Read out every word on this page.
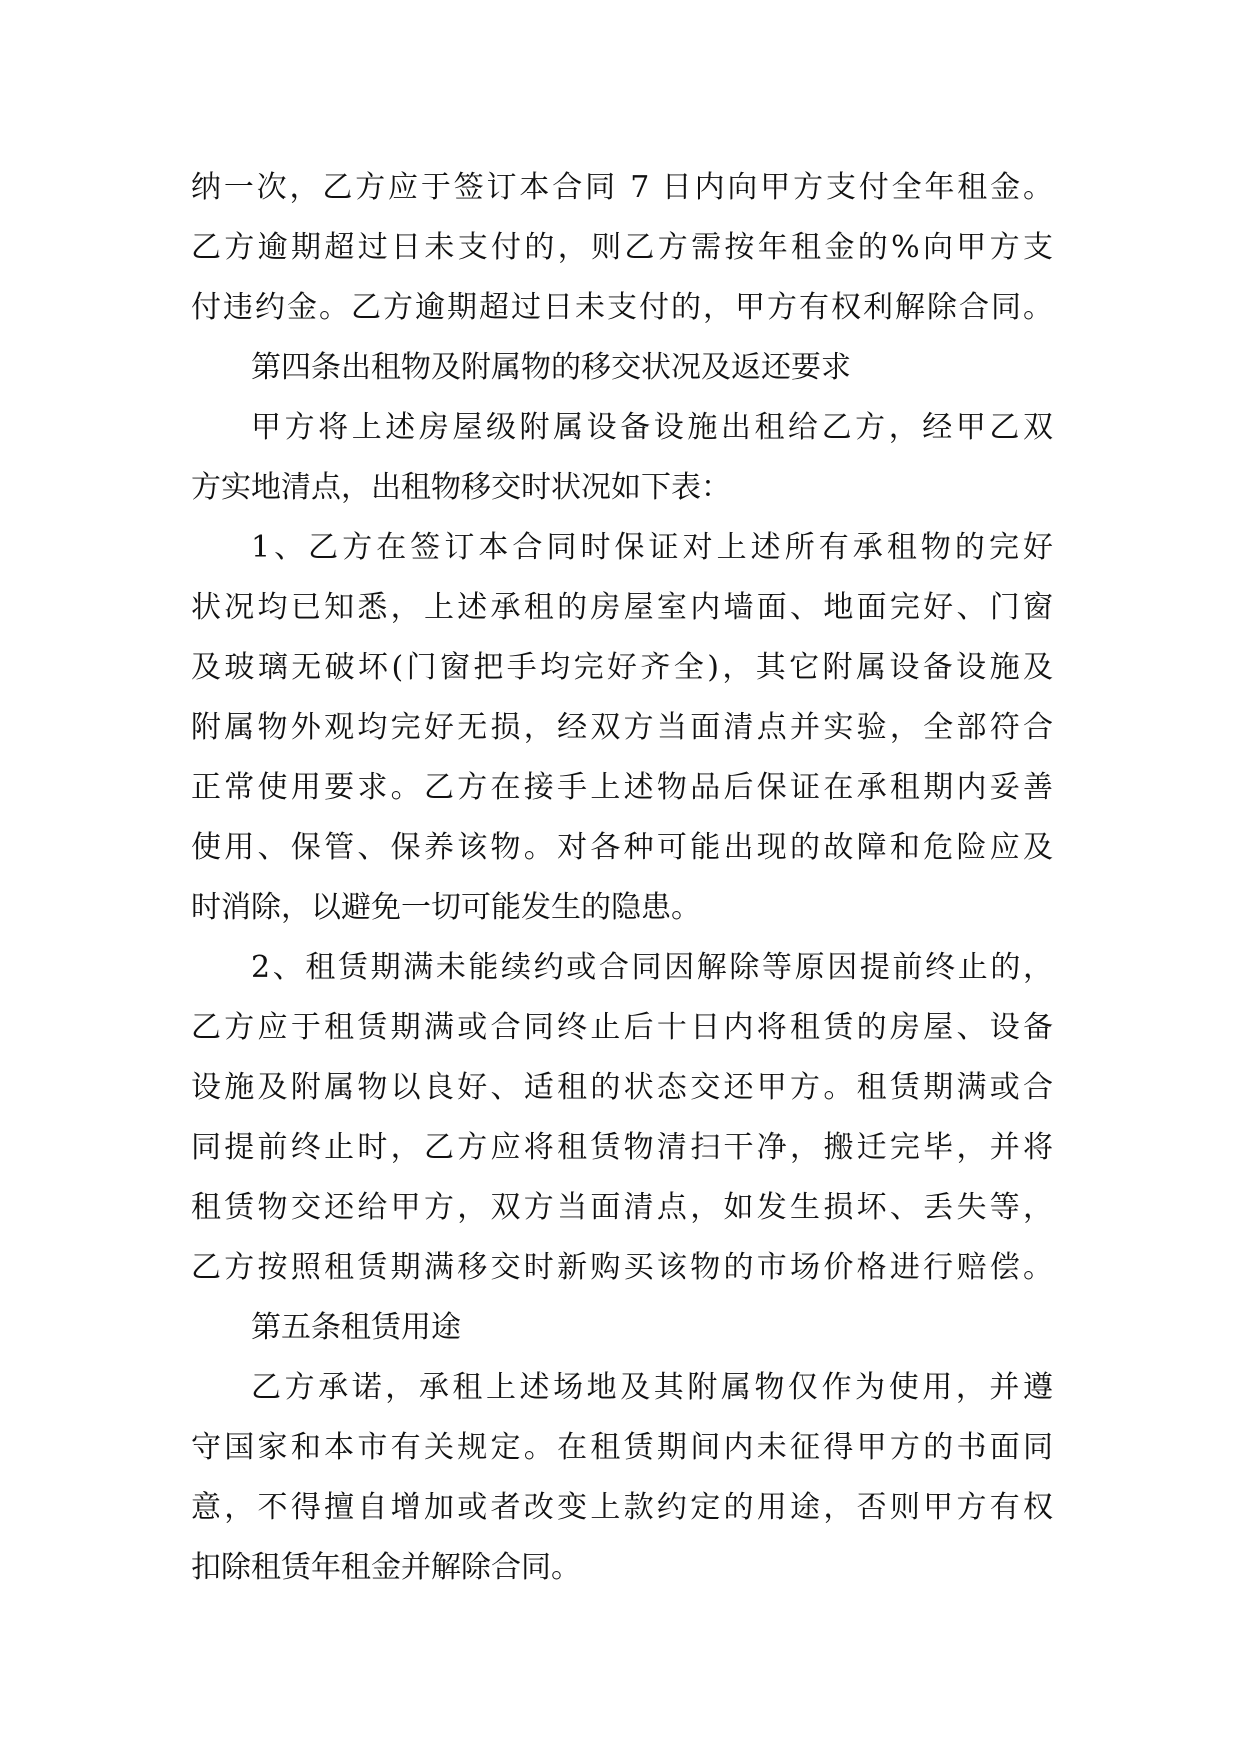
纳一次，乙方应于签订本合同 7 日内向甲方支付全年租金。
乙方逾期超过日未支付的，则乙方需按年租金的%向甲方支
付违约金。乙方逾期超过日未支付的，甲方有权利解除合同。
第四条出租物及附属物的移交状况及返还要求
甲方将上述房屋级附属设备设施出租给乙方，经甲乙双
方实地清点，出租物移交时状况如下表：
1、乙方在签订本合同时保证对上述所有承租物的完好
状况均已知悉，上述承租的房屋室内墙面、地面完好、门窗
及玻璃无破坏(门窗把手均完好齐全)，其它附属设备设施及
附属物外观均完好无损，经双方当面清点并实验，全部符合
正常使用要求。乙方在接手上述物品后保证在承租期内妥善
使用、保管、保养该物。对各种可能出现的故障和危险应及
时消除，以避免一切可能发生的隐患。
2、租赁期满未能续约或合同因解除等原因提前终止的，
乙方应于租赁期满或合同终止后十日内将租赁的房屋、设备
设施及附属物以良好、适租的状态交还甲方。租赁期满或合
同提前终止时，乙方应将租赁物清扫干净，搬迁完毕，并将
租赁物交还给甲方，双方当面清点，如发生损坏、丢失等，
乙方按照租赁期满移交时新购买该物的市场价格进行赔偿。
第五条租赁用途
乙方承诺，承租上述场地及其附属物仅作为使用，并遵
守国家和本市有关规定。在租赁期间内未征得甲方的书面同
意，不得擅自增加或者改变上款约定的用途，否则甲方有权
扣除租赁年租金并解除合同。
